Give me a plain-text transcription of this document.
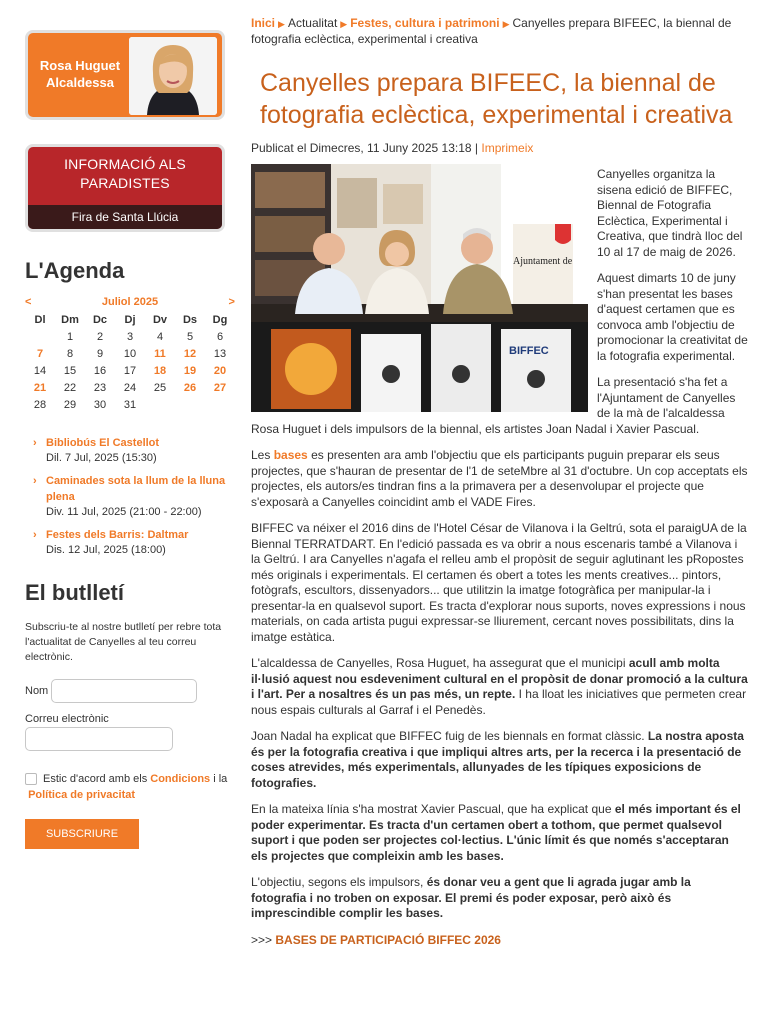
Rosa Huguet
Alcaldessa
INFORMACIÓ ALS
PARADISTES
Fira de Santa Llúcia
L'Agenda
<	Juliol 2025	>
Dl	Dm	Dc	Dj	Dv	Ds	Dg
	1	2	3	4	5	6
7	8	9	10	11	12	13
14	15	16	17	18	19	20
21	22	23	24	25	26	27
28	29	30	31			
› Bibliobús El Castellot
Dil. 7 Jul, 2025 (15:30)
› Caminades sota la llum de la lluna plena
Div. 11 Jul, 2025 (21:00 - 22:00)
› Festes dels Barris: Daltmar
Dis. 12 Jul, 2025 (18:00)
El butlletí
Subscriu-te al nostre butlletí per rebre tota l'actualitat de Canyelles al teu correu electrònic.
Nom
Correu electrònic
Estic d'acord amb els
Condicions
i la

Política de privacitat
SUBSCRIURE
Inici ▶ Actualitat ▶ Festes, cultura i patrimoni ▶ Canyelles prepara BIFEEC, la biennal de fotografia eclèctica, experimental i creativa
Canyelles prepara BIFEEC, la biennal de fotografia eclèctica, experimental i creativa
Publicat el Dimecres, 11 Juny 2025 13:18 | Imprimeix
Ajuntament de
BIFFEC

Canyelles organitza la sisena edició de BIFFEC, Biennal de Fotografia Eclèctica, Experimental i Creativa, que tindrà lloc del 10 al 17 de maig de 2026.

Aquest dimarts 10 de juny s'han presentat les bases d'aquest certamen que es convoca amb l'objectiu de promocionar la creativitat de la fotografia experimental.

La presentació s'ha fet a l'Ajuntament de Canyelles de la mà de l'alcaldessa Rosa Huguet i dels impulsors de la biennal, els artistes Joan Nadal i Xavier Pascual.

Les bases es presenten ara amb l'objectiu que els participants puguin preparar els seus projectes, que s'hauran de presentar de l'1 de seteMbre al 31 d'octubre. Un cop acceptats els projectes, els autors/es tindran fins a la primavera per a desenvolupar el projecte que s'exposarà a Canyelles coincidint amb el VADE Fires.

BIFFEC va néixer el 2016 dins de l'Hotel César de Vilanova i la Geltrú, sota el paraigUA de la Biennal TERRATDART. En l'edició passada es va obrir a nous escenaris també a Vilanova i la Geltrú. I ara Canyelles n'agafa el relleu amb el propòsit de seguir aglutinant les pRopostes més originals i experimentals. El certamen és obert a totes les ments creatives... pintors, fotògrafs, escultors, dissenyadors... que utilitzin la imatge fotogràfica per manipular-la i presentar-la en qualsevol suport. Es tracta d'explorar nous suports, noves expressions i nous materials, on cada artista pugui expressar-se lliurement, cercant noves possibilitats, dins la imatge estàtica.

L'alcaldessa de Canyelles, Rosa Huguet, ha assegurat que el municipi acull amb molta il·lusió aquest nou esdeveniment cultural en el propòsit de donar promoció a la cultura i l'art. Per a nosaltres és un pas més, un repte. I ha lloat les iniciatives que permeten crear nous espais culturals al Garraf i el Penedès.

Joan Nadal ha explicat que BIFFEC fuig de les biennals en format clàssic. La nostra aposta és per la fotografia creativa i que impliqui altres arts, per la recerca i la presentació de coses atrevides, més experimentals, allunyades de les típiques exposicions de fotografies.

En la mateixa línia s'ha mostrat Xavier Pascual, que ha explicat que el més important és el poder experimentar. Es tracta d'un certamen obert a tothom, que permet qualsevol suport i que poden ser projectes col·lectius. L'únic límit és que només s'acceptaran els projectes que compleixin amb les bases.

L'objectiu, segons els impulsors, és donar veu a gent que li agrada jugar amb la fotografia i no troben on exposar. El premi és poder exposar, però això és imprescindible complir les bases.

>>> BASES DE PARTICIPACIÓ BIFFEC 2026
